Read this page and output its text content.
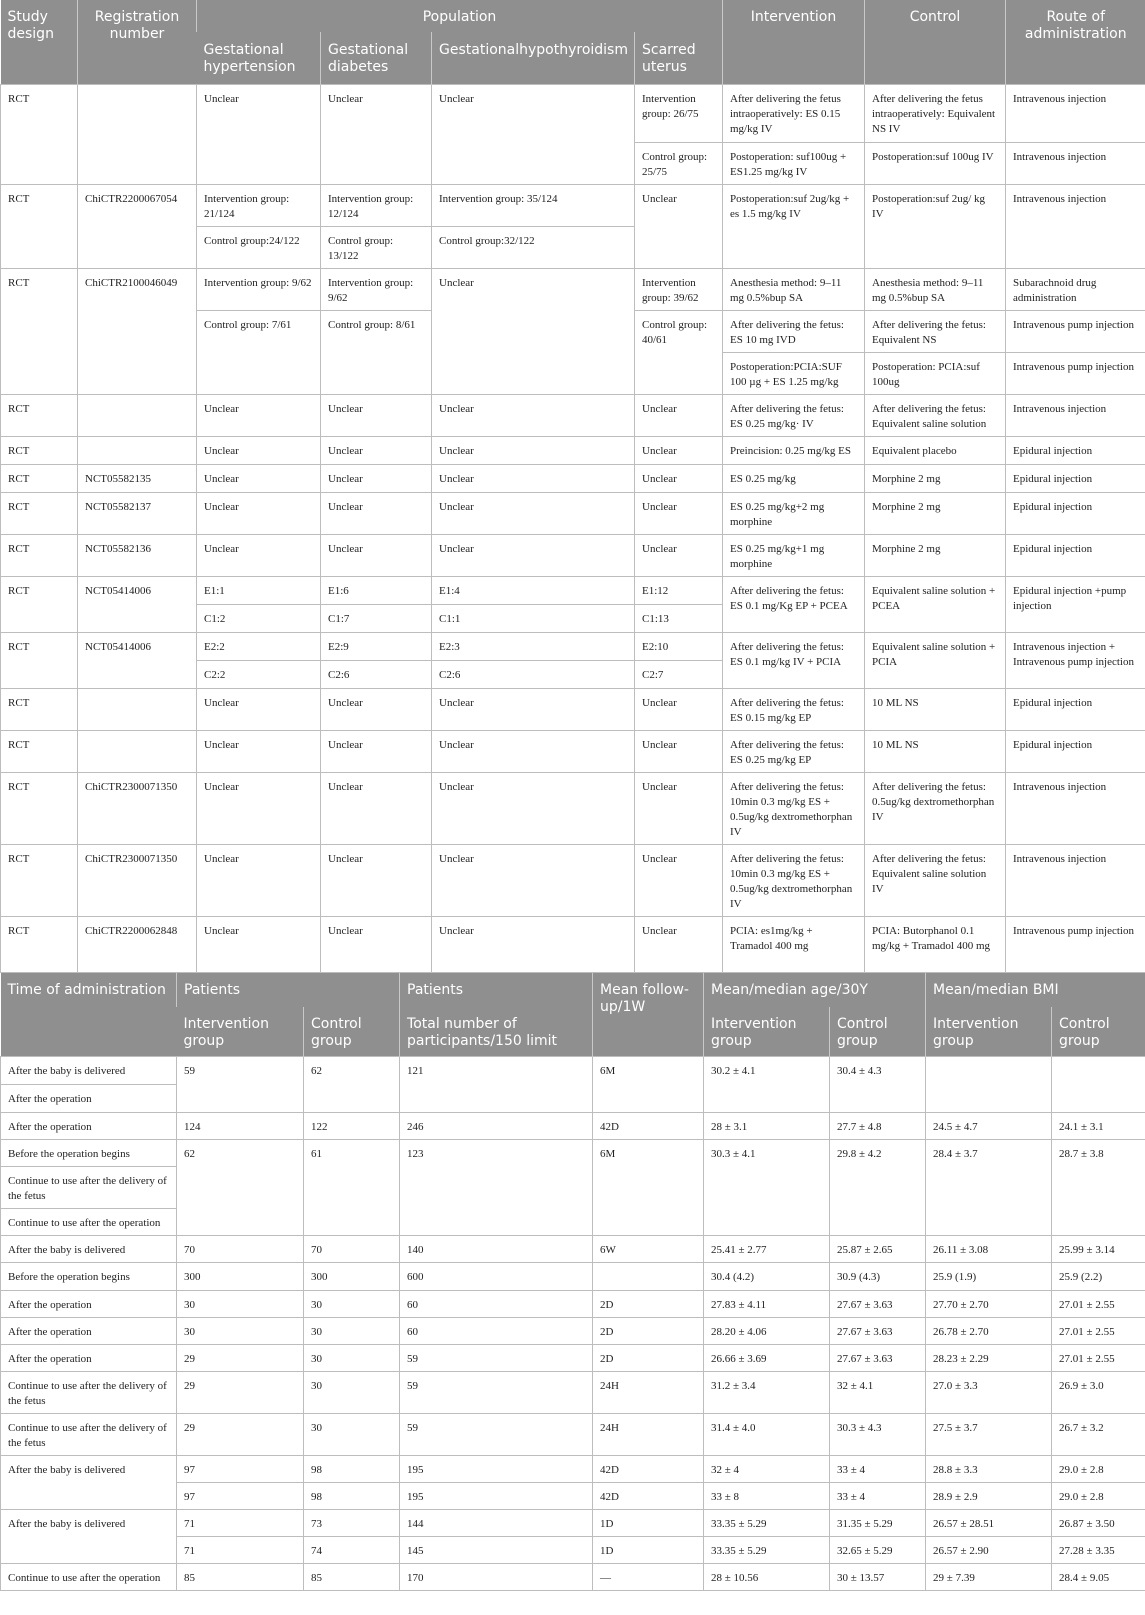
Study design	Registration number	Population				Intervention	Control	Route of administration
		Gestational hypertension	Gestational diabetes	Gestationalhypothyroidism	Scarred uterus			
RCT		Unclear	Unclear	Unclear	Intervention group: 26/75	After delivering the fetus intraoperatively: ES 0.15 mg/kg IV	After delivering the fetus intraoperatively: Equivalent NS IV	Intravenous injection
					Control group: 25/75	Postoperation: suf100ug + ES1.25 mg/kg IV	Postoperation:suf 100ug IV	Intravenous injection
RCT	ChiCTR2200067054	Intervention group: 21/124	Intervention group: 12/124	Intervention group: 35/124	Unclear	Postoperation:suf 2ug/kg + es 1.5 mg/kg IV	Postoperation:suf 2ug/ kg IV	Intravenous injection
		Control group:24/122	Control group: 13/122	Control group:32/122				
RCT	ChiCTR2100046049	Intervention group: 9/62	Intervention group: 9/62	Unclear	Intervention group: 39/62	Anesthesia method: 9–11 mg 0.5%bup SA	Anesthesia method: 9–11 mg 0.5%bup SA	Subarachnoid drug administration
		Control group: 7/61	Control group: 8/61		Control group: 40/61	After delivering the fetus: ES 10 mg IVD	After delivering the fetus: Equivalent NS	Intravenous pump injection
						Postoperation:PCIA:SUF 100 µg + ES 1.25 mg/kg	Postoperation: PCIA:suf 100ug	Intravenous pump injection
RCT		Unclear	Unclear	Unclear	Unclear	After delivering the fetus: ES 0.25 mg/kg· IV	After delivering the fetus: Equivalent saline solution	Intravenous injection
RCT		Unclear	Unclear	Unclear	Unclear	Preincision: 0.25 mg/kg ES	Equivalent placebo	Epidural injection
RCT	NCT05582135	Unclear	Unclear	Unclear	Unclear	ES 0.25 mg/kg	Morphine 2 mg	Epidural injection
RCT	NCT05582137	Unclear	Unclear	Unclear	Unclear	ES 0.25 mg/kg+2 mg morphine	Morphine 2 mg	Epidural injection
RCT	NCT05582136	Unclear	Unclear	Unclear	Unclear	ES 0.25 mg/kg+1 mg morphine	Morphine 2 mg	Epidural injection
RCT	NCT05414006	E1:1	E1:6	E1:4	E1:12	After delivering the fetus: ES 0.1 mg/Kg EP + PCEA	Equivalent saline solution + PCEA	Epidural injection +pump injection
		C1:2	C1:7	C1:1	C1:13			
RCT	NCT05414006	E2:2	E2:9	E2:3	E2:10	After delivering the fetus: ES 0.1 mg/kg IV + PCIA	Equivalent saline solution + PCIA	Intravenous injection + Intravenous pump injection
		C2:2	C2:6	C2:6	C2:7			
RCT		Unclear	Unclear	Unclear	Unclear	After delivering the fetus: ES 0.15 mg/kg EP	10 ML NS	Epidural injection
RCT		Unclear	Unclear	Unclear	Unclear	After delivering the fetus: ES 0.25 mg/kg EP	10 ML NS	Epidural injection
RCT	ChiCTR2300071350	Unclear	Unclear	Unclear	Unclear	After delivering the fetus: 10min 0.3 mg/kg ES + 0.5ug/kg dextromethorphan IV	After delivering the fetus: 0.5ug/kg dextromethorphan IV	Intravenous injection
RCT	ChiCTR2300071350	Unclear	Unclear	Unclear	Unclear	After delivering the fetus: 10min 0.3 mg/kg ES + 0.5ug/kg dextromethorphan IV	After delivering the fetus: Equivalent saline solution IV	Intravenous injection
RCT	ChiCTR2200062848	Unclear	Unclear	Unclear	Unclear	PCIA: es1mg/kg + Tramadol 400 mg	PCIA: Butorphanol 0.1 mg/kg + Tramadol 400 mg	Intravenous pump injection
Time of administration	Patients		Patients	Mean follow-up/1W	Mean/median age/30Y		Mean/median BMI	
	Intervention group	Control group	Total number of participants/150 limit		Intervention group	Control group	Intervention group	Control group
After the baby is delivered	59	62	121	6M	30.2 ± 4.1	30.4 ± 4.3		
After the operation								
After the operation	124	122	246	42D	28 ± 3.1	27.7 ± 4.8	24.5 ± 4.7	24.1 ± 3.1
Before the operation begins	62	61	123	6M	30.3 ± 4.1	29.8 ± 4.2	28.4 ± 3.7	28.7 ± 3.8
Continue to use after the delivery of the fetus								
Continue to use after the operation								
After the baby is delivered	70	70	140	6W	25.41 ± 2.77	25.87 ± 2.65	26.11 ± 3.08	25.99 ± 3.14
Before the operation begins	300	300	600		30.4 (4.2)	30.9 (4.3)	25.9 (1.9)	25.9 (2.2)
After the operation	30	30	60	2D	27.83 ± 4.11	27.67 ± 3.63	27.70 ± 2.70	27.01 ± 2.55
After the operation	30	30	60	2D	28.20 ± 4.06	27.67 ± 3.63	26.78 ± 2.70	27.01 ± 2.55
After the operation	29	30	59	2D	26.66 ± 3.69	27.67 ± 3.63	28.23 ± 2.29	27.01 ± 2.55
Continue to use after the delivery of the fetus	29	30	59	24H	31.2 ± 3.4	32 ± 4.1	27.0 ± 3.3	26.9 ± 3.0
Continue to use after the delivery of the fetus	29	30	59	24H	31.4 ± 4.0	30.3 ± 4.3	27.5 ± 3.7	26.7 ± 3.2
After the baby is delivered	97	98	195	42D	32 ± 4	33 ± 4	28.8 ± 3.3	29.0 ± 2.8
	97	98	195	42D	33 ± 8	33 ± 4	28.9 ± 2.9	29.0 ± 2.8
After the baby is delivered	71	73	144	1D	33.35 ± 5.29	31.35 ± 5.29	26.57 ± 28.51	26.87 ± 3.50
	71	74	145	1D	33.35 ± 5.29	32.65 ± 5.29	26.57 ± 2.90	27.28 ± 3.35
Continue to use after the operation	85	85	170	—	28 ± 10.56	30 ± 13.57	29 ± 7.39	28.4 ± 9.05
